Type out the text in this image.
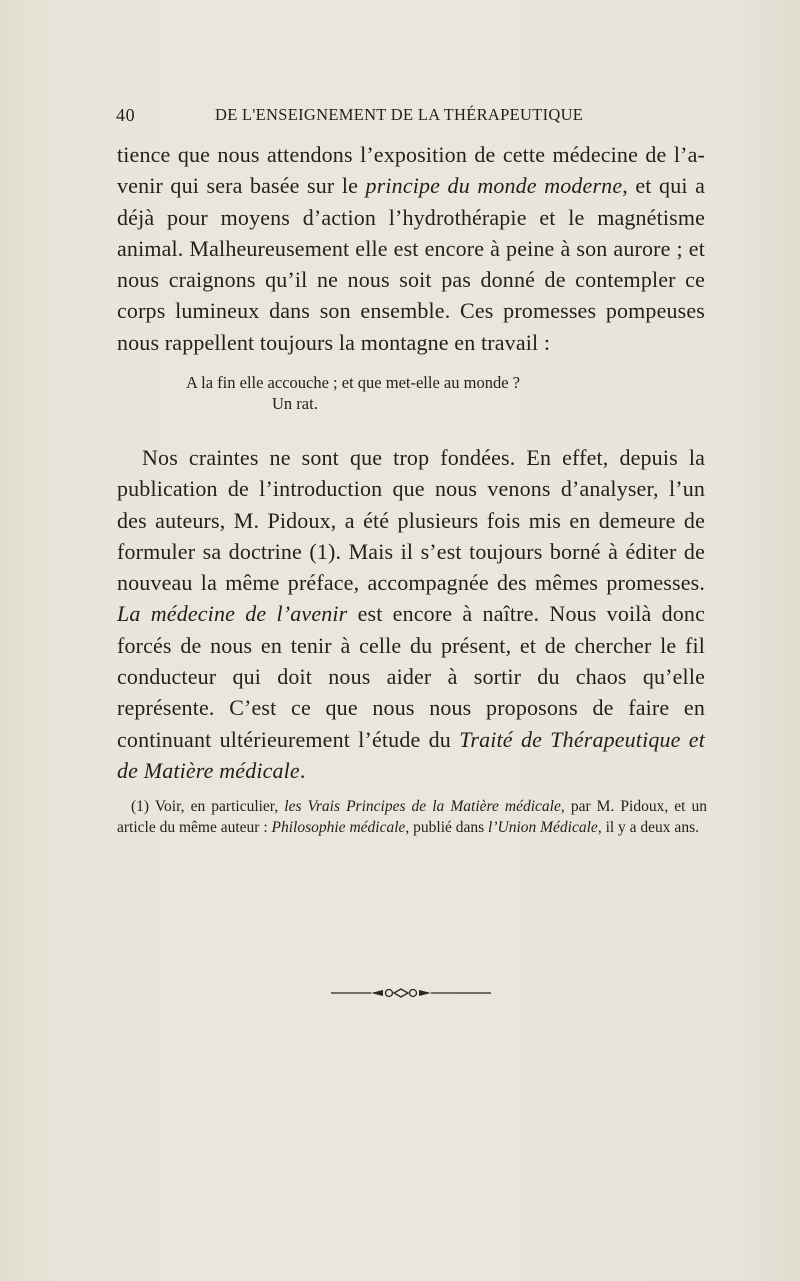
40	DE L'ENSEIGNEMENT DE LA THÉRAPEUTIQUE
tience que nous attendons l’exposition de cette médecine de l’a-venir qui sera basée sur le principe du monde moderne, et qui a déjà pour moyens d’action l’hydrothérapie et le magnétisme animal. Malheureusement elle est encore à peine à son aurore ; et nous craignons qu’il ne nous soit pas donné de contempler ce corps lumineux dans son ensemble. Ces promesses pompeuses nous rappellent toujours la montagne en travail :
A la fin elle accouche ; et que met-elle au monde ?
Un rat.
Nos craintes ne sont que trop fondées. En effet, depuis la publication de l’introduction que nous venons d’analyser, l’un des auteurs, M. Pidoux, a été plusieurs fois mis en demeure de formuler sa doctrine (1). Mais il s’est toujours borné à éditer de nouveau la même préface, accompagnée des mêmes promesses. La médecine de l’avenir est encore à naître. Nous voilà donc forcés de nous en tenir à celle du présent, et de chercher le fil conducteur qui doit nous aider à sortir du chaos qu’elle représente. C’est ce que nous nous proposons de faire en continuant ultérieurement l’étude du Traité de Thérapeutique et de Matière médicale.
(1) Voir, en particulier, les Vrais Principes de la Matière médicale, par M. Pidoux, et un article du même auteur : Philosophie médicale, publié dans l’Union Médicale, il y a deux ans.
